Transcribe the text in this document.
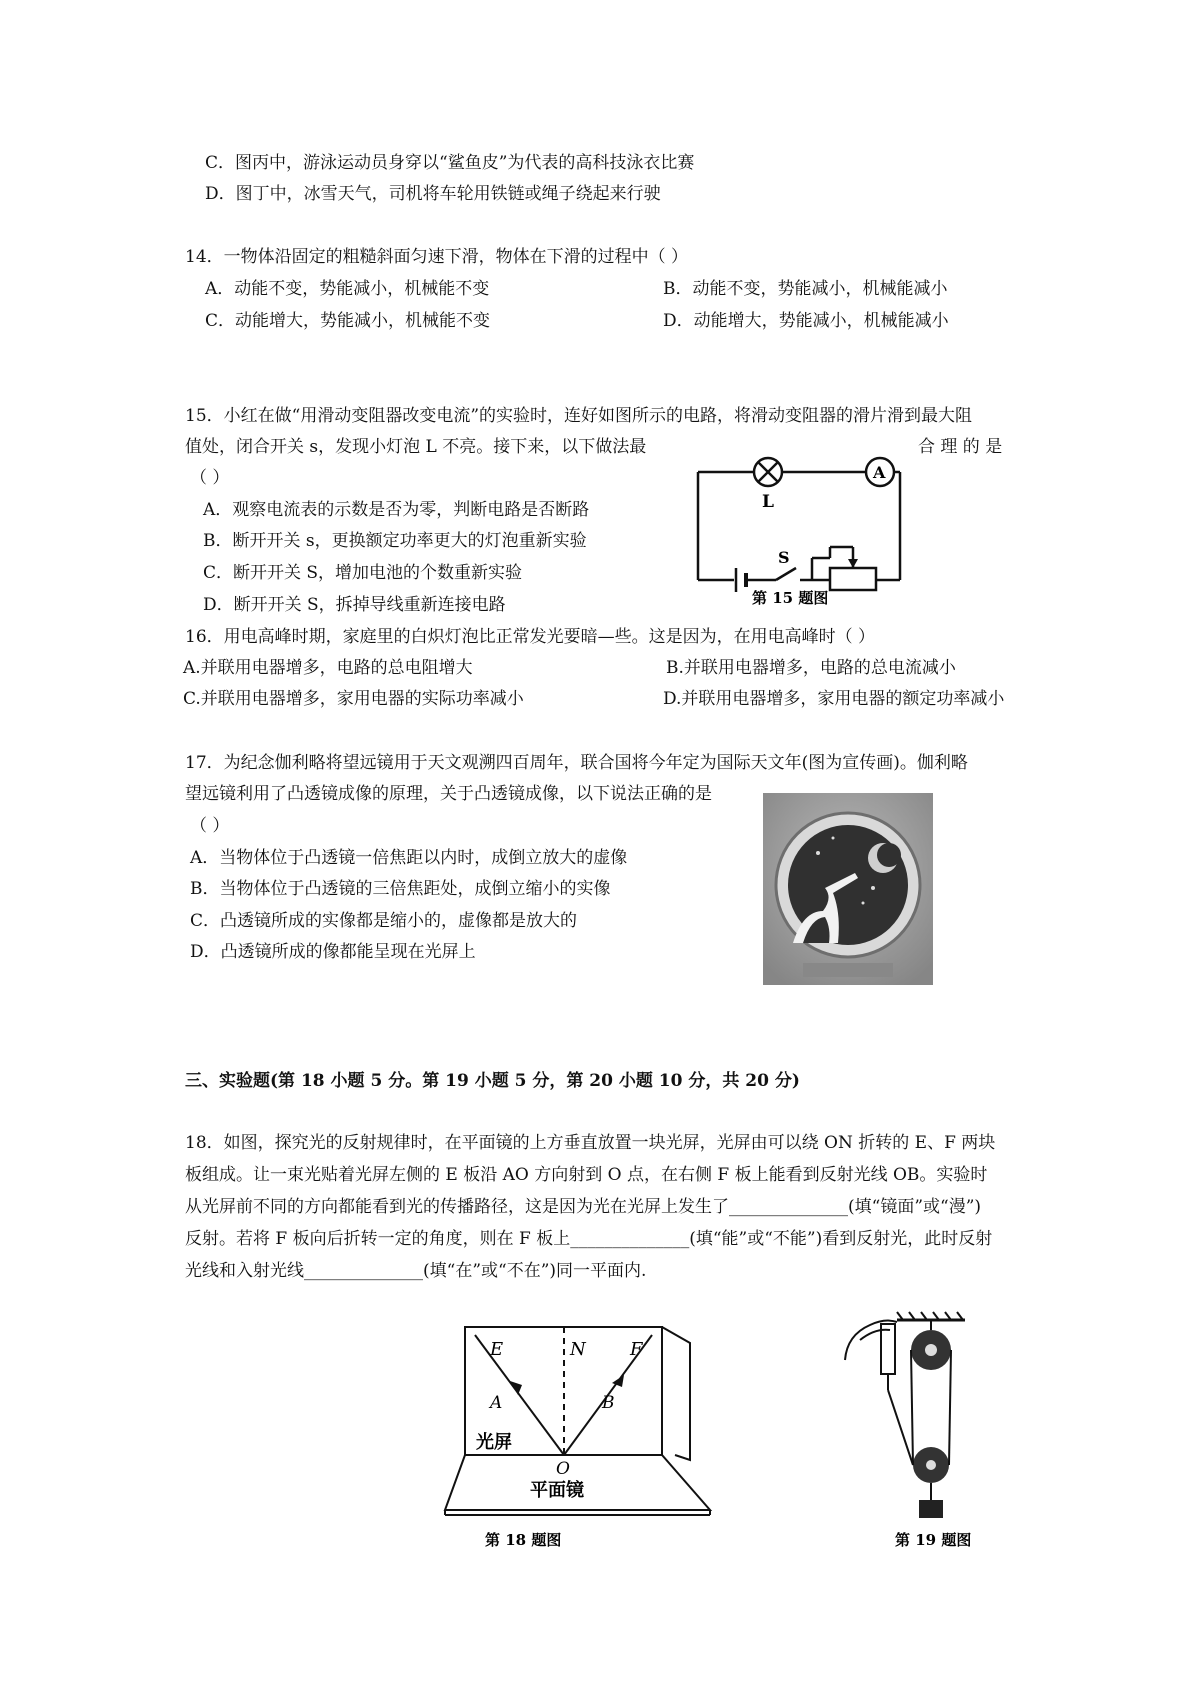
C．图丙中，游泳运动员身穿以“鲨鱼皮”为代表的高科技泳衣比赛
D．图丁中，冰雪天气，司机将车轮用铁链或绳子绕起来行驶
14．一物体沿固定的粗糙斜面匀速下滑，物体在下滑的过程中（ ）
A．动能不变，势能减小，机械能不变	B．动能不变，势能减小，机械能减小
C．动能增大，势能减小，机械能不变	D．动能增大，势能减小，机械能减小
15．小红在做“用滑动变阻器改变电流”的实验时，连好如图所示的电路，将滑动变阻器的滑片滑到最大阻
值处，闭合开关 s，发现小灯泡 L 不亮。接下来，以下做法最	合 理 的 是
（ ）
A．观察电流表的示数是否为零，判断电路是否断路
B．断开开关 s，更换额定功率更大的灯泡重新实验
C．断开开关 S，增加电池的个数重新实验
D．断开开关 S，拆掉导线重新连接电路
L
A
S
第 15 题图
16．用电高峰时期，家庭里的白炽灯泡比正常发光要暗—些。这是因为，在用电高峰时（ ）
A.并联用电器增多，电路的总电阻增大	B.并联用电器增多，电路的总电流减小
C.并联用电器增多，家用电器的实际功率减小	D.并联用电器增多，家用电器的额定功率减小
17．为纪念伽利略将望远镜用于天文观溯四百周年，联合国将今年定为国际天文年(图为宣传画)。伽利略
望远镜利用了凸透镜成像的原理，关于凸透镜成像，以下说法正确的是
（ ）
A．当物体位于凸透镜一倍焦距以内时，成倒立放大的虚像
B．当物体位于凸透镜的三倍焦距处，成倒立缩小的实像
C．凸透镜所成的实像都是缩小的，虚像都是放大的
D．凸透镜所成的像都能呈现在光屏上
三、实验题(第 18 小题 5 分。第 19 小题 5 分，第 20 小题 10 分，共 20 分)
18．如图，探究光的反射规律时，在平面镜的上方垂直放置一块光屏，光屏由可以绕 ON 折转的 E、F 两块
板组成。让一束光贴着光屏左侧的 E 板沿 AO 方向射到 O 点，在右侧 F 板上能看到反射光线 OB。实验时
从光屏前不同的方向都能看到光的传播路径，这是因为光在光屏上发生了______________(填“镜面”或“漫”)
反射。若将 F 板向后折转一定的角度，则在 F 板上______________(填“能”或“不能”)看到反射光，此时反射
光线和入射光线______________(填“在”或“不在”)同一平面内.
E	N F
A	B
O
光屏
平面镜
第 18 题图	第 19 题图
